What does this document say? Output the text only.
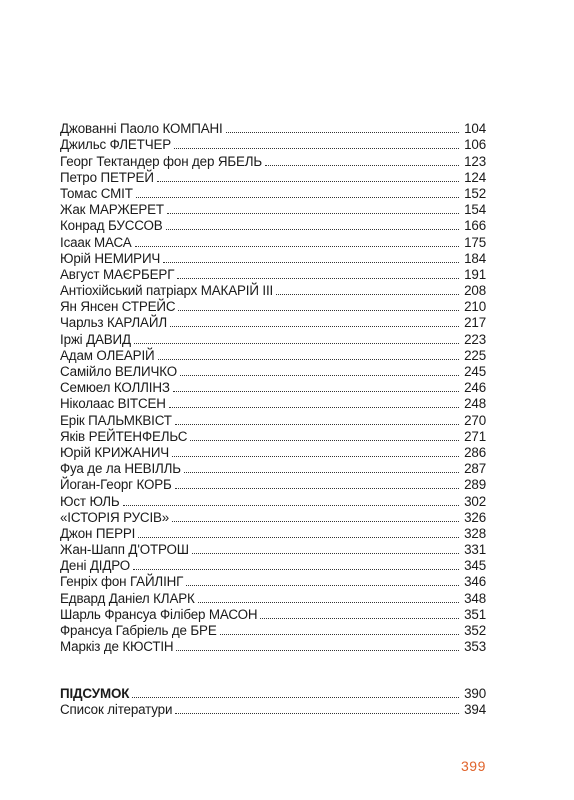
Джованні Паоло КОМПАНІ	104
Джильс ФЛЕТЧЕР	106
Георг Тектандер фон дер ЯБЕЛЬ	123
Петро ПЕТРЕЙ	124
Томас СМІТ	152
Жак МАРЖЕРЕТ	154
Конрад БУССОВ	166
Ісаак МАСА	175
Юрій НЕМИРИЧ	184
Август МАЄРБЕРГ	191
Антіохійський патріарх МАКАРІЙ ІІІ	208
Ян Янсен СТРЕЙС	210
Чарльз КАРЛАЙЛ	217
Іржі ДАВИД	223
Адам ОЛЕАРІЙ	225
Самійло ВЕЛИЧКО	245
Семюел КОЛЛІНЗ	246
Ніколаас ВІТСЕН	248
Ерік ПАЛЬМКВІСТ	270
Яків РЕЙТЕНФЕЛЬС	271
Юрій КРИЖАНИЧ	286
Фуа де ла НЕВІЛЛЬ	287
Йоган-Георг КОРБ	289
Юст ЮЛЬ	302
«ІСТОРІЯ РУСІВ»	326
Джон ПЕРРІ	328
Жан-Шапп Д'ОТРОШ	331
Дені ДІДРО	345
Генріх фон ГАЙЛІНГ	346
Едвард Даніел КЛАРК	348
Шарль Франсуа Філібер МАСОН	351
Франсуа Габріель де БРЕ	352
Маркіз де КЮСТІН	353
ПІДСУМОК	390
Список літератури	394
399
